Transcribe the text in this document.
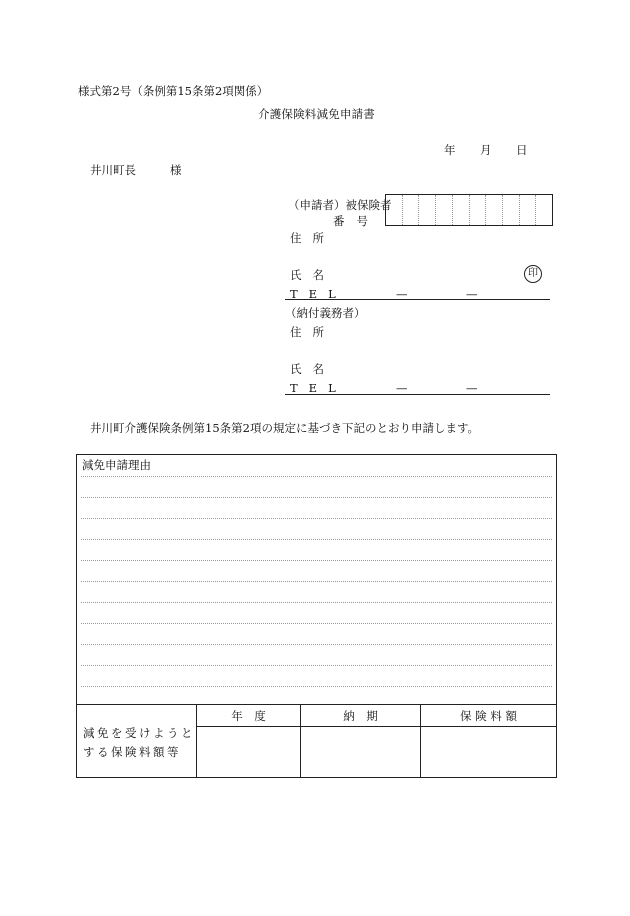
様式第2号（条例第15条第2項関係）
介護保険料減免申請書
年 月 日
井川町長	様
（申請者）被保険者
番号
住所
氏名	印
TEL	—	—
（納付義務者）
住所
氏名
TEL	—	—
井川町介護保険条例第15条第2項の規定に基づき下記のとおり申請します。
減免申請理由
減免を受けようとする保険料額等
年　度	納　期	保 険 料 額
